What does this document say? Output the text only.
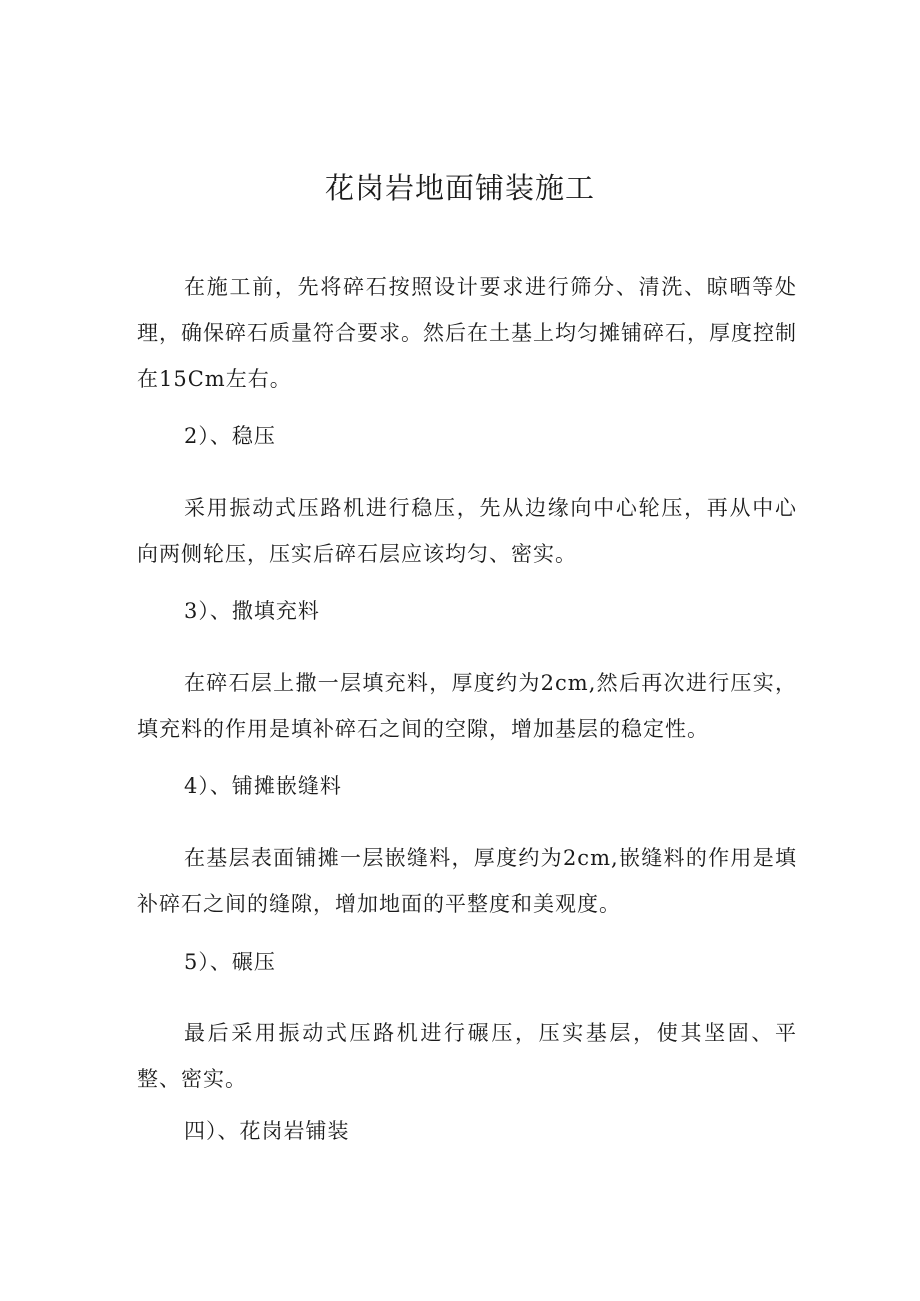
花岗岩地面铺装施工
在施工前，先将碎石按照设计要求进行筛分、清洗、晾晒等处理，确保碎石质量符合要求。然后在土基上均匀摊铺碎石，厚度控制在15Cm左右。
2）、稳压
采用振动式压路机进行稳压，先从边缘向中心轮压，再从中心向两侧轮压，压实后碎石层应该均匀、密实。
3）、撒填充料
在碎石层上撒一层填充料，厚度约为2cm,然后再次进行压实，填充料的作用是填补碎石之间的空隙，增加基层的稳定性。
4）、铺摊嵌缝料
在基层表面铺摊一层嵌缝料，厚度约为2cm,嵌缝料的作用是填补碎石之间的缝隙，增加地面的平整度和美观度。
5）、碾压
最后采用振动式压路机进行碾压，压实基层，使其坚固、平整、密实。
四）、花岗岩铺装
